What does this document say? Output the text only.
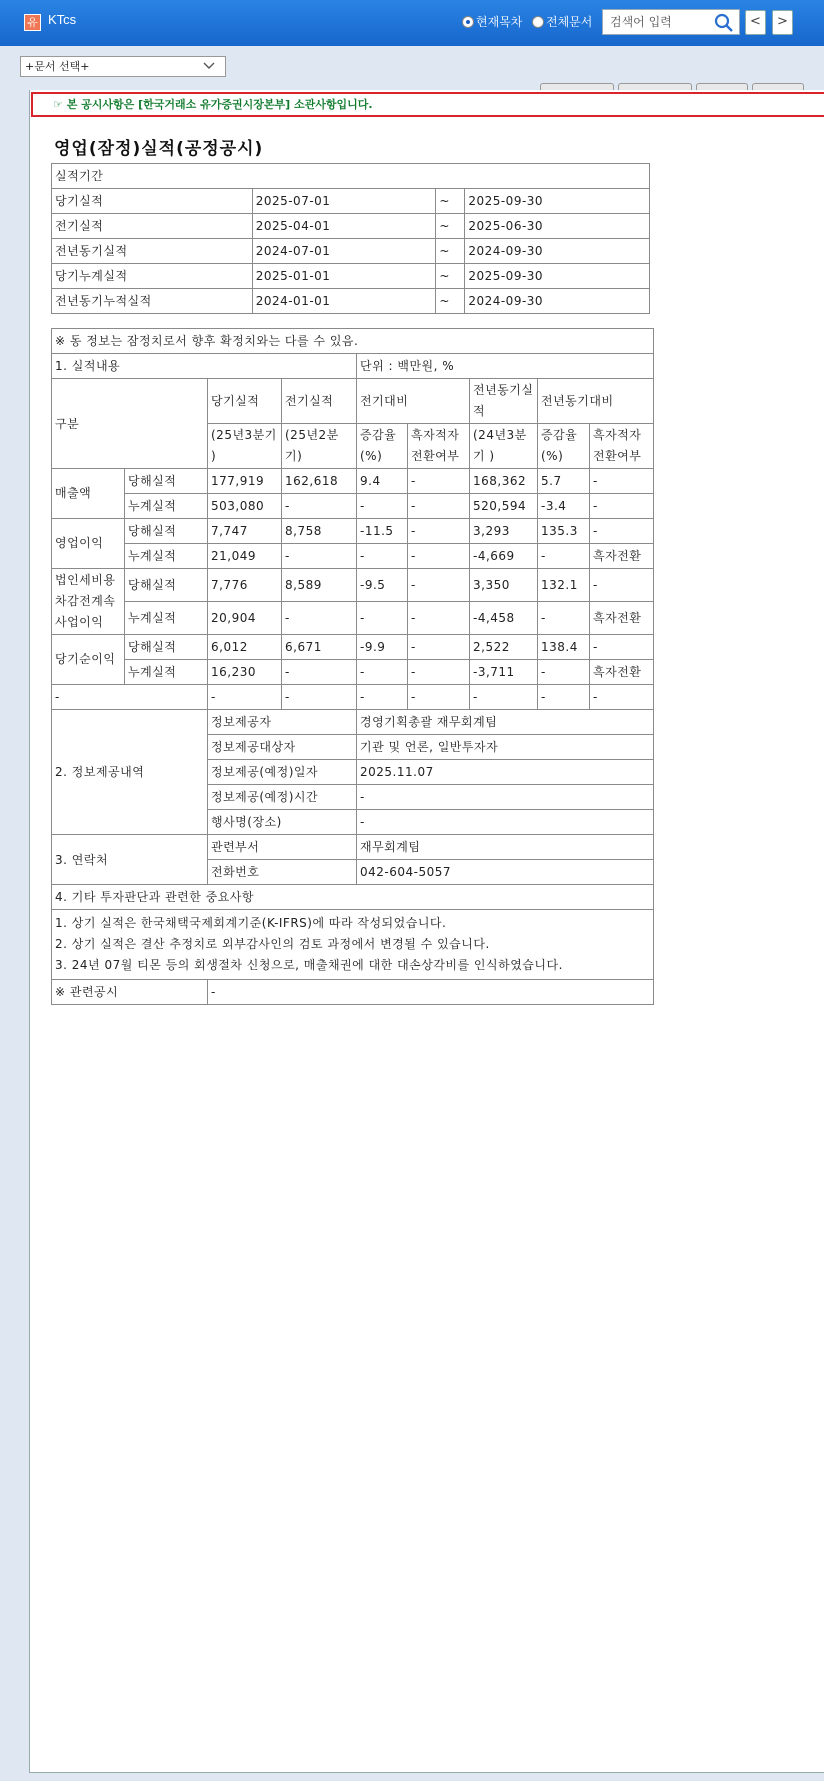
유 KTcs	현재목차 전체문서	검색어 입력	<	>
+문서 선택+
☞ 본 공시사항은 [한국거래소 유가증권시장본부] 소관사항입니다.
영업(잠정)실적(공정공시)
실적기간			
당기실적	2025-07-01	~	2025-09-30
전기실적	2025-04-01	~	2025-06-30
전년동기실적	2024-07-01	~	2024-09-30
당기누계실적	2025-01-01	~	2025-09-30
전년동기누적실적	2024-01-01	~	2024-09-30
※ 동 정보는 잠정치로서 향후 확정치와는 다를 수 있음.								
1. 실적내용				단위 : 백만원, %				
구분		당기실적	전기실적	전기대비		전년동기실적	전년동기대비	
		(25년3분기 )	(25년2분기)	증감율(%)	흑자적자전환여부	(24년3분기 )	증감율(%)	흑자적자전환여부
매출액	당해실적	177,919	162,618	9.4	-	168,362	5.7	-
	누계실적	503,080	-	-	-	520,594	-3.4	-
영업이익	당해실적	7,747	8,758	-11.5	-	3,293	135.3	-
	누계실적	21,049	-	-	-	-4,669	-	흑자전환
법인세비용차감전계속사업이익	당해실적	7,776	8,589	-9.5	-	3,350	132.1	-
	누계실적	20,904	-	-	-	-4,458	-	흑자전환
당기순이익	당해실적	6,012	6,671	-9.9	-	2,522	138.4	-
	누계실적	16,230	-	-	-	-3,711	-	흑자전환
-		-	-	-	-	-	-	-
2. 정보제공내역		정보제공자		경영기획총괄 재무회계팀				
		정보제공대상자		기관 및 언론, 일반투자자				
		정보제공(예정)일자		2025.11.07				
		정보제공(예정)시간		-				
		행사명(장소)		-				
3. 연락처		관련부서		재무회계팀				
		전화번호		042-604-5057				
4. 기타 투자판단과 관련한 중요사항								

1. 상기 실적은 한국채택국제회계기준(K-IFRS)에 따라 작성되었습니다.
2. 상기 실적은 결산 추정치로 외부감사인의 검토 과정에서 변경될 수 있습니다.
3. 24년 07월 티몬 등의 회생절차 신청으로, 매출채권에 대한 대손상각비를 인식하였습니다.								

※ 관련공시		-						
